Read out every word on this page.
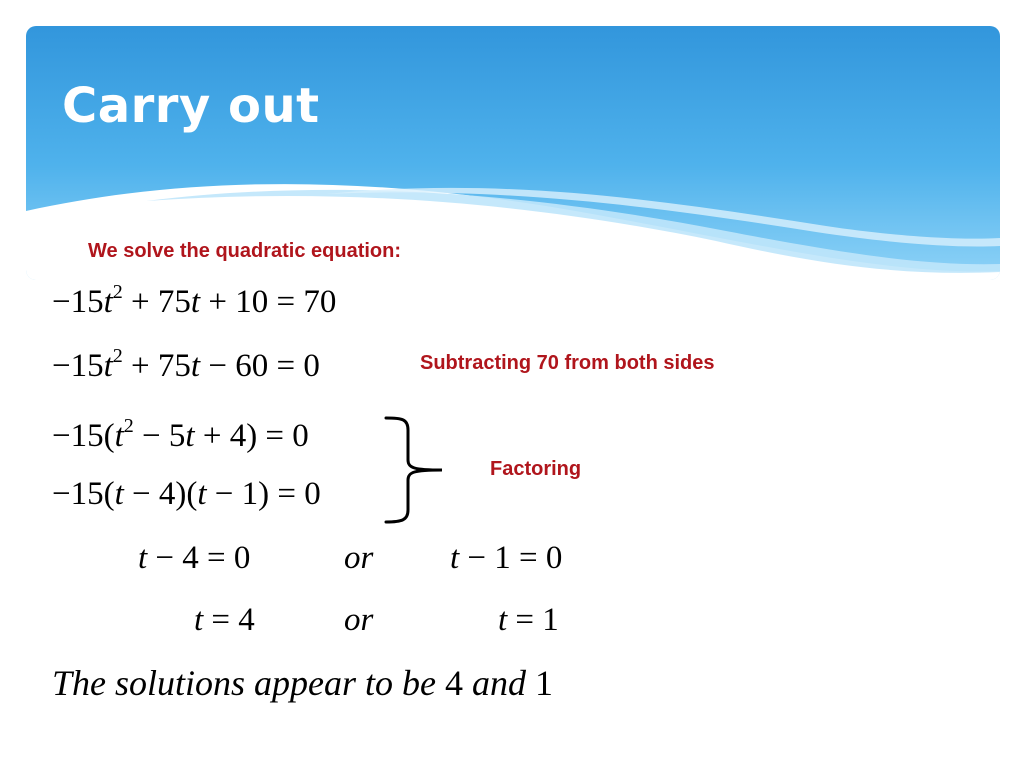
Carry out
We solve the quadratic equation:
$-15t^2 + 75t + 10 = 70$
$-15t^2 + 75t - 60 = 0$	Subtracting 70 from both sides
$-15(t^2 - 5t + 4) = 0$
−15(t − 4)(t − 1) = 0
Factoring
t − 4 = 0	or t − 1 = 0
t = 4	or	t = 1
The solutions appear to be 4 and 1
